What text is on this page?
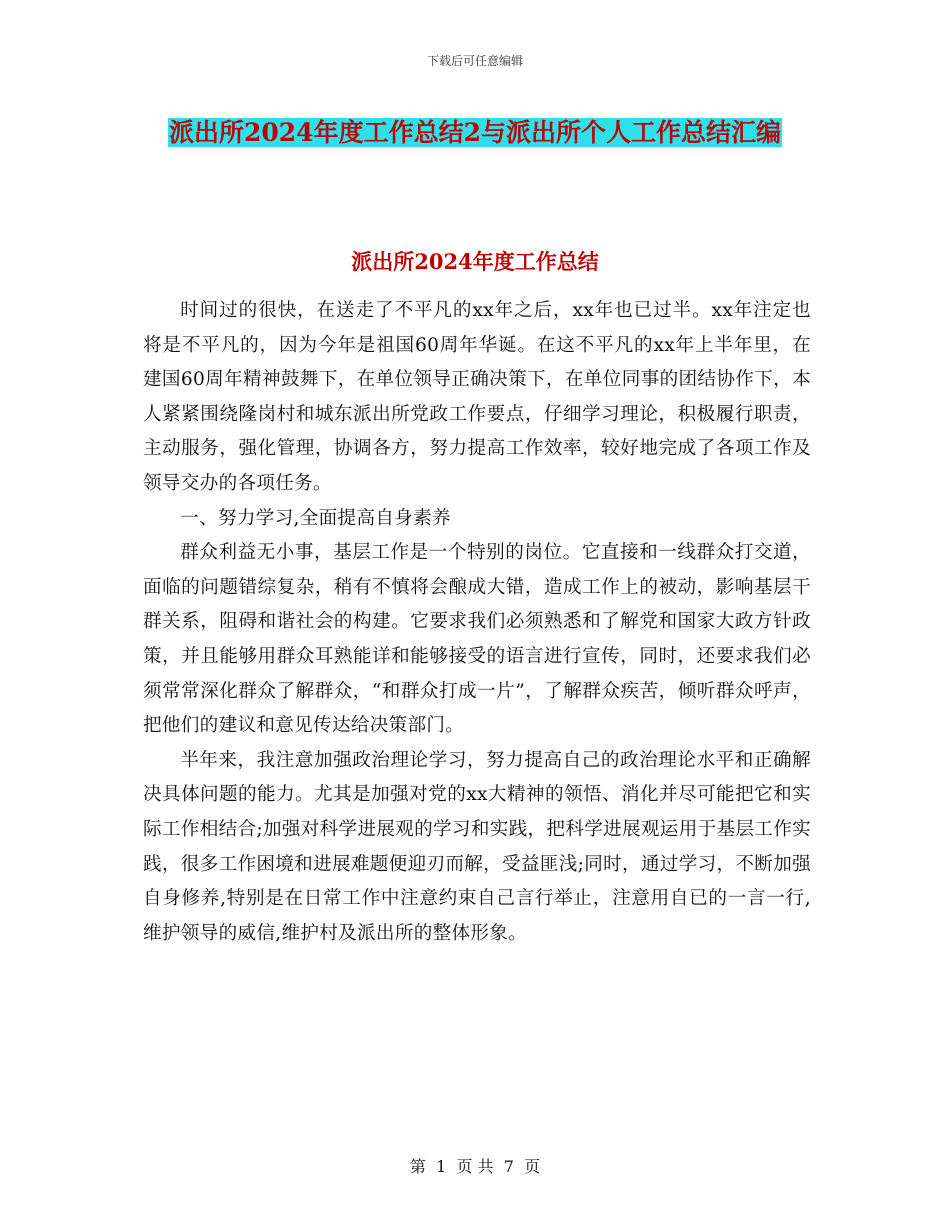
下载后可任意编辑
派出所2024年度工作总结2与派出所个人工作总结汇编
派出所2024年度工作总结

时间过的很快，在送走了不平凡的xx年之后，xx年也已过半。xx年注定也将是不平凡的，因为今年是祖国60周年华诞。在这不平凡的xx年上半年里，在建国60周年精神鼓舞下，在单位领导正确决策下，在单位同事的团结协作下，本人紧紧围绕隆岗村和城东派出所党政工作要点，仔细学习理论，积极履行职责，主动服务，强化管理，协调各方，努力提高工作效率，较好地完成了各项工作及领导交办的各项任务。

一、努力学习,全面提高自身素养

群众利益无小事，基层工作是一个特别的岗位。它直接和一线群众打交道，面临的问题错综复杂，稍有不慎将会酿成大错，造成工作上的被动，影响基层干群关系，阻碍和谐社会的构建。它要求我们必须熟悉和了解党和国家大政方针政策，并且能够用群众耳熟能详和能够接受的语言进行宣传，同时，还要求我们必须常常深化群众了解群众，“和群众打成一片”，了解群众疾苦，倾听群众呼声，把他们的建议和意见传达给决策部门。

半年来，我注意加强政治理论学习，努力提高自己的政治理论水平和正确解决具体问题的能力。尤其是加强对党的xx大精神的领悟、消化并尽可能把它和实际工作相结合;加强对科学进展观的学习和实践，把科学进展观运用于基层工作实践，很多工作困境和进展难题便迎刃而解，受益匪浅;同时，通过学习，不断加强自身修养,特别是在日常工作中注意约束自己言行举止，注意用自已的一言一行,维护领导的威信,维护村及派出所的整体形象。

第 1 页 共 7 页
